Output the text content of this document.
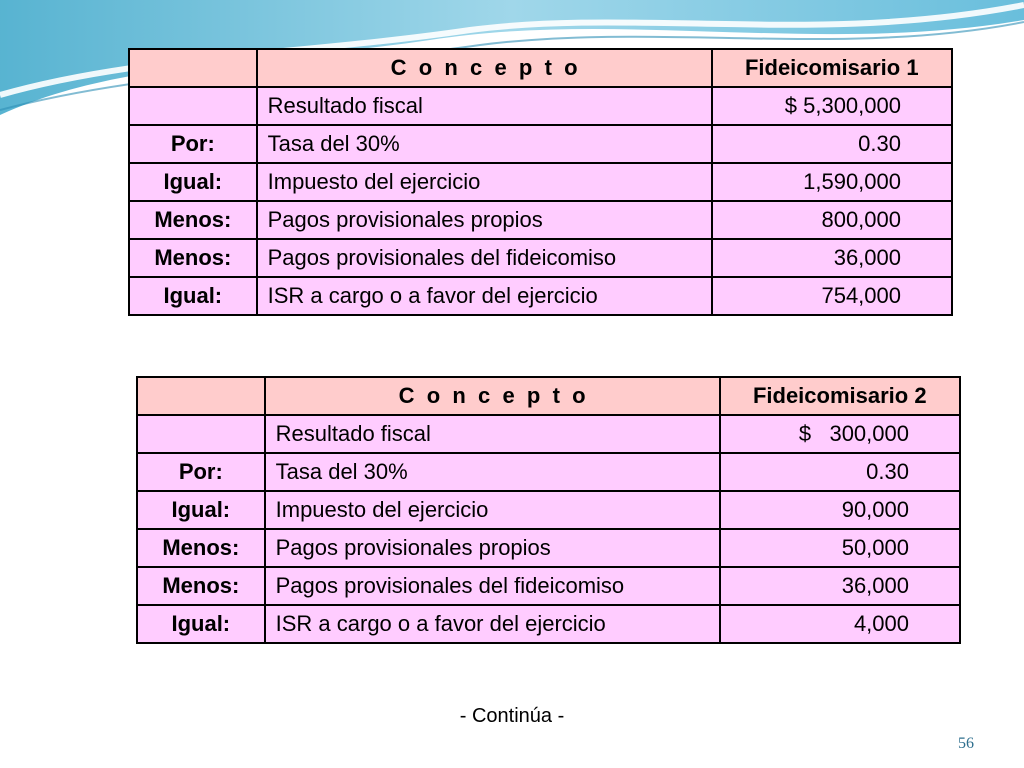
	C  o  n  c  e  p  t  o	Fideicomisario 1
	Resultado fiscal	$ 5,300,000
Por:	Tasa del 30%	0.30
Igual:	Impuesto del ejercicio	1,590,000
Menos:	Pagos provisionales propios	800,000
Menos:	Pagos provisionales del fideicomiso	36,000
Igual:	ISR a cargo o a favor del ejercicio	754,000
	C  o  n  c  e  p  t  o	Fideicomisario 2
	Resultado fiscal	$   300,000
Por:	Tasa del 30%	0.30
Igual:	Impuesto del ejercicio	90,000
Menos:	Pagos provisionales propios	50,000
Menos:	Pagos provisionales del fideicomiso	36,000
Igual:	ISR a cargo o a favor del ejercicio	4,000
- Continúa -
56
